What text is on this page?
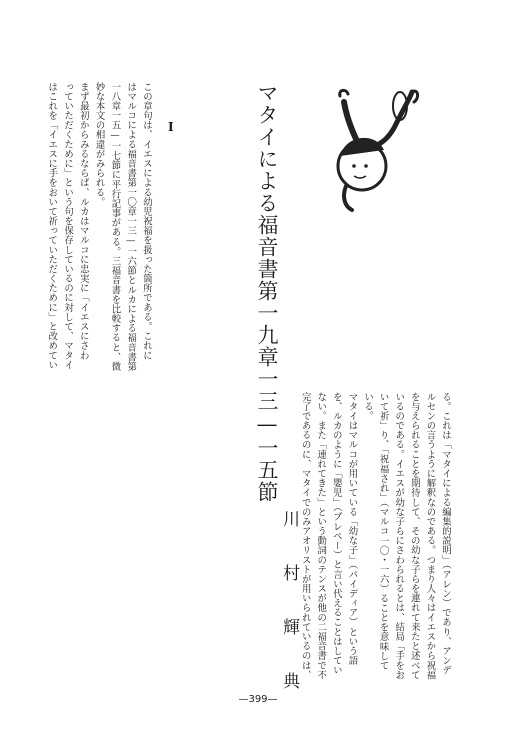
マタイによる福音書第一九章一三—一五節
川　村　輝　典
I

この章句は、イエスによる幼児祝福を扱った箇所である。これに

はマルコによる福音書第一〇章一三—一六節とルカによる福音書第

一八章一五—一七節に平行記事がある。三福音書を比較すると、微

妙な本文の相違がみられる。

まず最初からみるならば、ルカはマルコに忠実に「イエスにさわ

っていただくために」という句を保存しているのに対して、マタイ

はこれを「イエスに手をおいて祈っていただくために」と改めてい

る。これは「マタイによる編集的説明」（アレン）であり、アンデ

ルセンの言うように解釈なのである。つまり人々はイエスから祝福

を与えられることを期待して、その幼な子らを連れて来たと述べて

いるのである。イエスが幼な子らにさわられるとは、結局「手をお

いて祈」り、「祝福され」（マルコ一〇・一六）ることを意味して

いる。

マタイはマルコが用いている「幼な子」（パイディア）という語

を、ルカのように「嬰児」（ブレペー）と言い代えることはしてい

ない。また「連れてきた」という動詞のテンスが他の二福音書で不

完了であるのに、マタイでのみアオリストが用いられているのは、

—399—
